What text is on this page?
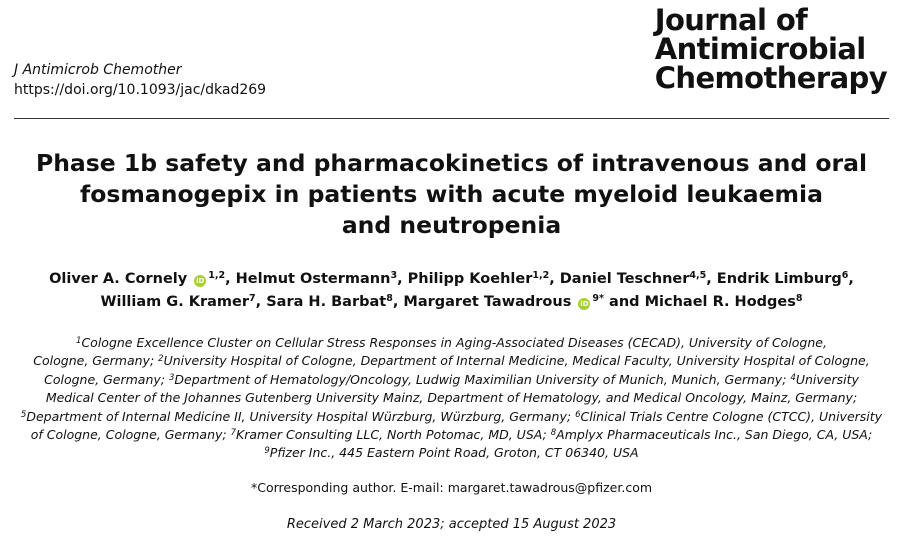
J Antimicrob Chemother
https://doi.org/10.1093/jac/dkad269
Journal of
Antimicrobial
Chemotherapy
Phase 1b safety and pharmacokinetics of intravenous and oral
fosmanogepix in patients with acute myeloid leukaemia
and neutropenia
Oliver A. Cornely iD $^{1,2}$, Helmut Ostermann$^3$, Philipp Koehler$^{1,2}$, Daniel Teschner$^{4,5}$, Endrik Limburg$^6$,
William G. Kramer$^7$, Sara H. Barbat$^8$, Margaret Tawadrous iD $^{9*}$ and Michael R. Hodges$^8$
$^1$Cologne Excellence Cluster on Cellular Stress Responses in Aging-Associated Diseases (CECAD), University of Cologne,
Cologne, Germany; $^2$University Hospital of Cologne, Department of Internal Medicine, Medical Faculty, University Hospital of Cologne,
Cologne, Germany; $^3$Department of Hematology/Oncology, Ludwig Maximilian University of Munich, Munich, Germany; $^4$University
Medical Center of the Johannes Gutenberg University Mainz, Department of Hematology, and Medical Oncology, Mainz, Germany;
$^5$Department of Internal Medicine II, University Hospital Würzburg, Würzburg, Germany; $^6$Clinical Trials Centre Cologne (CTCC), University
of Cologne, Cologne, Germany; $^7$Kramer Consulting LLC, North Potomac, MD, USA; $^8$Amplyx Pharmaceuticals Inc., San Diego, CA, USA;
$^9$Pfizer Inc., 445 Eastern Point Road, Groton, CT 06340, USA
*Corresponding author. E-mail: margaret.tawadrous@pfizer.com
Received 2 March 2023; accepted 15 August 2023
